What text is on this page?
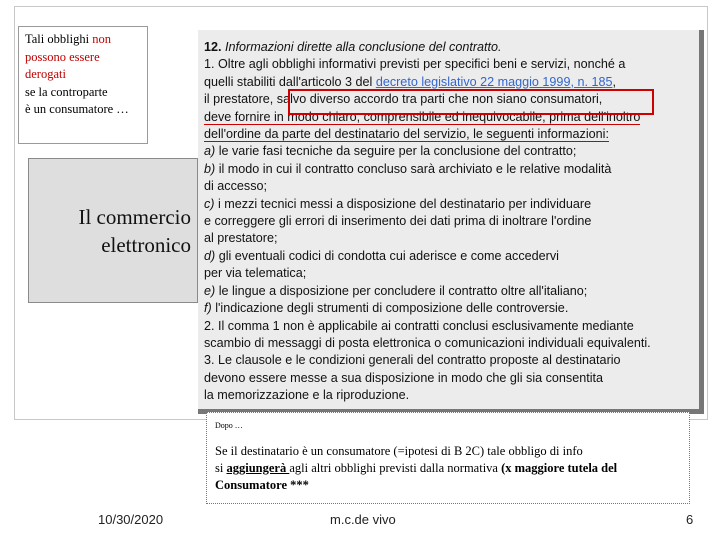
Tali obblighi non
possono essere
derogati
se la controparte
è un consumatore …
Il commercio
elettronico

12. Informazioni dirette alla conclusione del contratto.

1. Oltre agli obblighi informativi previsti per specifici beni e servizi, nonché a

quelli stabiliti dall'articolo 3 del decreto legislativo 22 maggio 1999, n. 185,

il prestatore, salvo diverso accordo tra parti che non siano consumatori,

deve fornire in modo chiaro, comprensibile ed inequivocabile, prima dell'inoltro

dell'ordine da parte del destinatario del servizio, le seguenti informazioni:

a) le varie fasi tecniche da seguire per la conclusione del contratto;

b) il modo in cui il contratto concluso sarà archiviato e le relative modalità

di accesso;

c) i mezzi tecnici messi a disposizione del destinatario per individuare

e correggere gli errori di inserimento dei dati prima di inoltrare l'ordine

al prestatore;

d) gli eventuali codici di condotta cui aderisce e come accedervi

per via telematica;

e) le lingue a disposizione per concludere il contratto oltre all'italiano;

f) l'indicazione degli strumenti di composizione delle controversie.

2. Il comma 1 non è applicabile ai contratti conclusi esclusivamente mediante

scambio di messaggi di posta elettronica o comunicazioni individuali equivalenti.

3. Le clausole e le condizioni generali del contratto proposte al destinatario

devono essere messe a sua disposizione in modo che gli sia consentita

la memorizzazione e la riproduzione.

Dopo …
Se il destinatario è un consumatore (=ipotesi di B 2C) tale obbligo di info
si aggiungerà agli altri obblighi previsti dalla normativa (x maggiore tutela del
Consumatore ***
10/30/2020	m.c.de vivo	6
